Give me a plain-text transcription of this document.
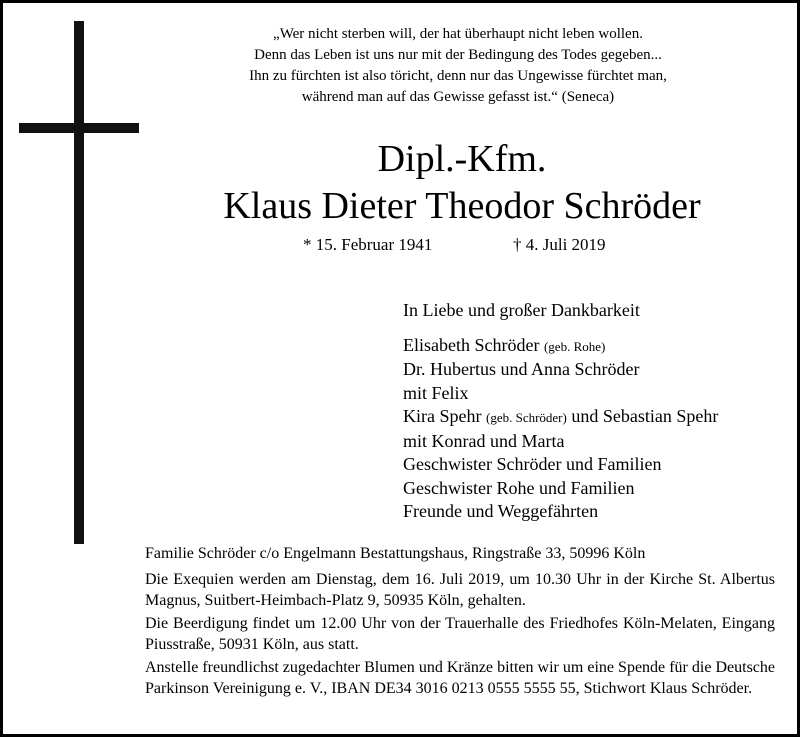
„Wer nicht sterben will, der hat überhaupt nicht leben wollen.
Denn das Leben ist uns nur mit der Bedingung des Todes gegeben...
Ihn zu fürchten ist also töricht, denn nur das Ungewisse fürchtet man,
während man auf das Gewisse gefasst ist.“ (Seneca)
Dipl.-Kfm.
Klaus Dieter Theodor Schröder
* 15. Februar 1941	† 4. Juli 2019
In Liebe und großer Dankbarkeit
Elisabeth Schröder (geb. Rohe)
Dr. Hubertus und Anna Schröder
mit Felix
Kira Spehr (geb. Schröder) und Sebastian Spehr
mit Konrad und Marta
Geschwister Schröder und Familien
Geschwister Rohe und Familien
Freunde und Weggefährten
Familie Schröder c/o Engelmann Bestattungshaus, Ringstraße 33, 50996 Köln

Die Exequien werden am Dienstag, dem 16. Juli 2019, um 10.30 Uhr in der Kirche St. Albertus Magnus, Suitbert-Heimbach-Platz 9, 50935 Köln, gehalten.

Die Beerdigung findet um 12.00 Uhr von der Trauerhalle des Friedhofes Köln-Melaten, Eingang Piusstraße, 50931 Köln, aus statt.

Anstelle freundlichst zugedachter Blumen und Kränze bitten wir um eine Spende für die Deutsche Parkinson Vereinigung e. V., IBAN DE34 3016 0213 0555 5555 55, Stichwort Klaus Schröder.
